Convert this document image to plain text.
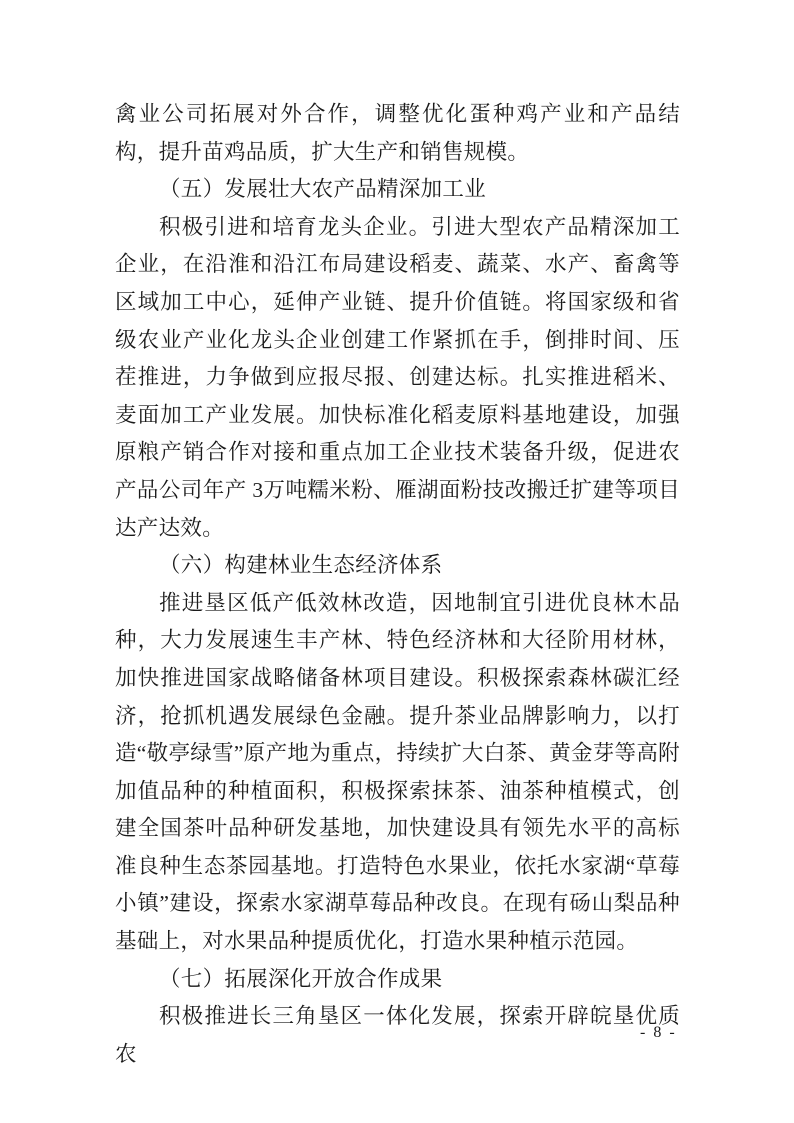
禽业公司拓展对外合作，调整优化蛋种鸡产业和产品结构，提升苗鸡品质，扩大生产和销售规模。

（五）发展壮大农产品精深加工业

积极引进和培育龙头企业。引进大型农产品精深加工企业，在沿淮和沿江布局建设稻麦、蔬菜、水产、畜禽等区域加工中心，延伸产业链、提升价值链。将国家级和省级农业产业化龙头企业创建工作紧抓在手，倒排时间、压茬推进，力争做到应报尽报、创建达标。扎实推进稻米、麦面加工产业发展。加快标准化稻麦原料基地建设，加强原粮产销合作对接和重点加工企业技术装备升级，促进农产品公司年产 3万吨糯米粉、雁湖面粉技改搬迁扩建等项目达产达效。

（六）构建林业生态经济体系

推进垦区低产低效林改造，因地制宜引进优良林木品种，大力发展速生丰产林、特色经济林和大径阶用材林，加快推进国家战略储备林项目建设。积极探索森林碳汇经济，抢抓机遇发展绿色金融。提升茶业品牌影响力，以打造“敬亭绿雪”原产地为重点，持续扩大白茶、黄金芽等高附加值品种的种植面积，积极探索抹茶、油茶种植模式，创建全国茶叶品种研发基地，加快建设具有领先水平的高标准良种生态茶园基地。打造特色水果业，依托水家湖“草莓小镇”建设，探索水家湖草莓品种改良。在现有砀山梨品种基础上，对水果品种提质优化，打造水果种植示范园。

（七）拓展深化开放合作成果

积极推进长三角垦区一体化发展，探索开辟皖垦优质农

- 8 -
